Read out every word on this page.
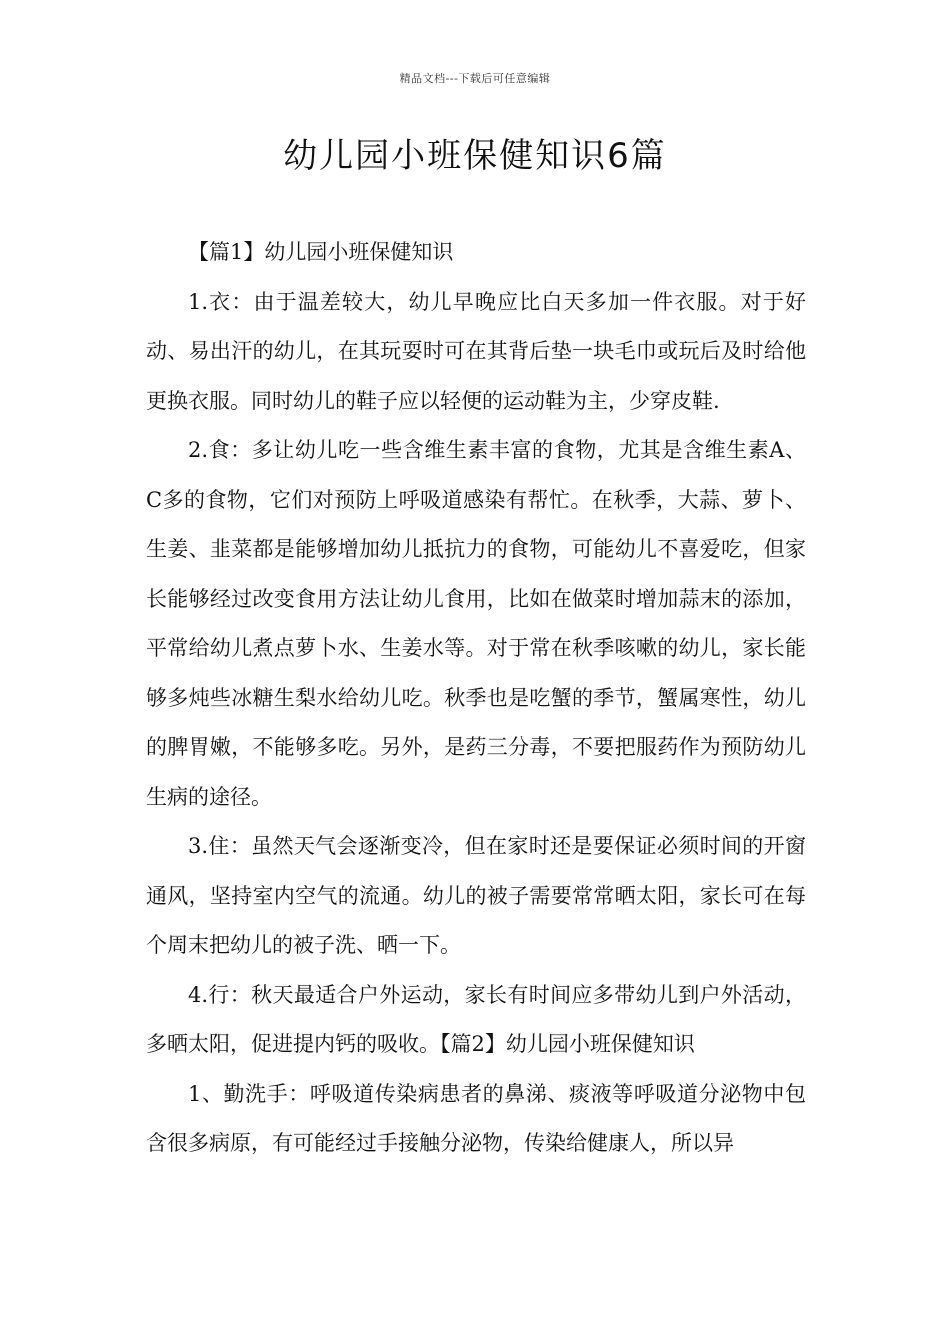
精品文档---下载后可任意编辑
幼儿园小班保健知识6篇

【篇1】幼儿园小班保健知识

1.衣：由于温差较大，幼儿早晚应比白天多加一件衣服。对于好动、易出汗的幼儿，在其玩耍时可在其背后垫一块毛巾或玩后及时给他更换衣服。同时幼儿的鞋子应以轻便的运动鞋为主，少穿皮鞋.

2.食：多让幼儿吃一些含维生素丰富的食物，尤其是含维生素A、C多的食物，它们对预防上呼吸道感染有帮忙。在秋季，大蒜、萝卜、生姜、韭菜都是能够增加幼儿抵抗力的食物，可能幼儿不喜爱吃，但家长能够经过改变食用方法让幼儿食用，比如在做菜时增加蒜末的添加，平常给幼儿煮点萝卜水、生姜水等。对于常在秋季咳嗽的幼儿，家长能够多炖些冰糖生梨水给幼儿吃。秋季也是吃蟹的季节，蟹属寒性，幼儿的脾胃嫩，不能够多吃。另外，是药三分毒，不要把服药作为预防幼儿生病的途径。

3.住：虽然天气会逐渐变冷，但在家时还是要保证必须时间的开窗通风，坚持室内空气的流通。幼儿的被子需要常常晒太阳，家长可在每个周末把幼儿的被子洗、晒一下。

4.行：秋天最适合户外运动，家长有时间应多带幼儿到户外活动，多晒太阳，促进提内钙的吸收。【篇2】幼儿园小班保健知识

1、勤洗手：呼吸道传染病患者的鼻涕、痰液等呼吸道分泌物中包含很多病原，有可能经过手接触分泌物，传染给健康人，所以异
